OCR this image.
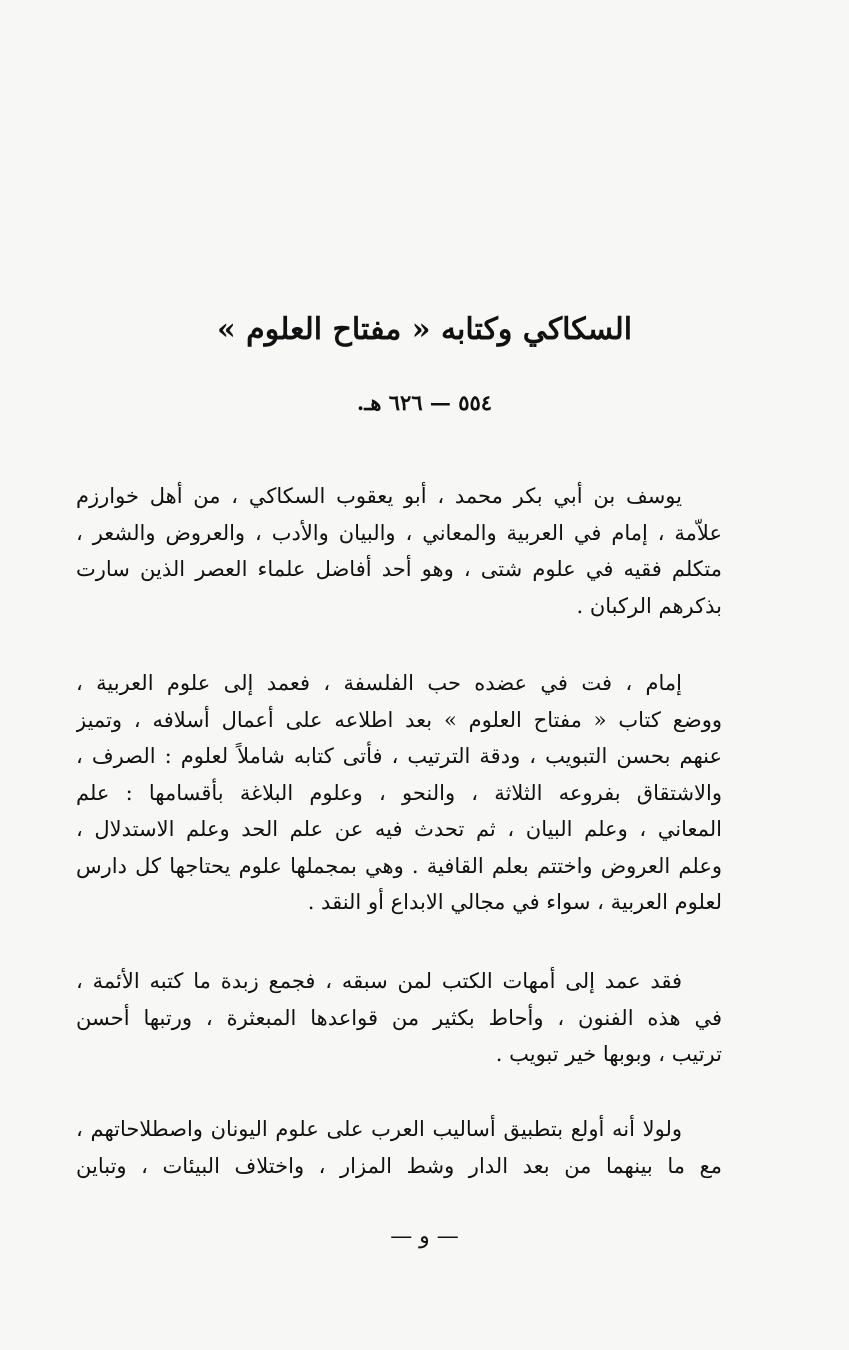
السكاكي وكتابه « مفتاح العلوم »
٥٥٤ — ٦٢٦ هـ.
يوسف بن أبي بكر محمد ، أبو يعقوب السكاكي ، من أهل خوارزم
علاّمة ، إمام في العربية والمعاني ، والبيان والأدب ، والعروض والشعر ،
متكلم فقيه في علوم شتى ، وهو أحد أفاضل علماء العصر الذين سارت
بذكرهم الركبان .
إمام ، فت في عضده حب الفلسفة ، فعمد إلى علوم العربية ،
ووضع كتاب « مفتاح العلوم » بعد اطلاعه على أعمال أسلافه ، وتميز
عنهم بحسن التبويب ، ودقة الترتيب ، فأتى كتابه شاملاً لعلوم : الصرف ،
والاشتقاق بفروعه الثلاثة ، والنحو ، وعلوم البلاغة بأقسامها : علم
المعاني ، وعلم البيان ، ثم تحدث فيه عن علم الحد وعلم الاستدلال ،
وعلم العروض واختتم بعلم القافية . وهي بمجملها علوم يحتاجها كل دارس
لعلوم العربية ، سواء في مجالي الابداع أو النقد .
فقد عمد إلى أمهات الكتب لمن سبقه ، فجمع زبدة ما كتبه الأئمة ،
في هذه الفنون ، وأحاط بكثير من قواعدها المبعثرة ، ورتبها أحسن
ترتيب ، وبوبها خير تبويب .
ولولا أنه أولع بتطبيق أساليب العرب على علوم اليونان واصطلاحاتهم ،
مع ما بينهما من بعد الدار وشط المزار ، واختلاف البيئات ، وتباين
— و —
